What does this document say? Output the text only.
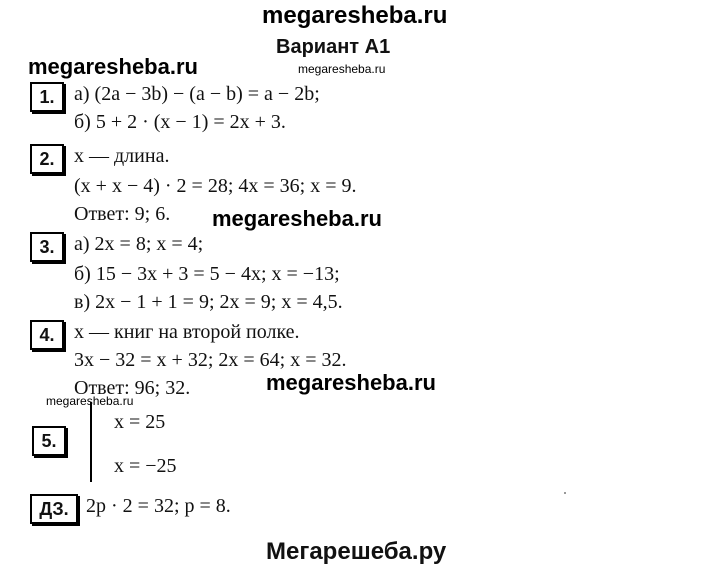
megaresheba.ru
Вариант А1
megaresheba.ru	megaresheba.ru
1. а) (2a − 3b) − (a − b) = a − 2b;
б) 5 + 2 · (x − 1) = 2x + 3.
2. x — длина.
(x + x − 4) · 2 = 28; 4x = 36; x = 9.
Ответ: 9; 6. megaresheba.ru
3. а) 2x = 8; x = 4;
б) 15 − 3x + 3 = 5 − 4x; x = −13;
в) 2x − 1 + 1 = 9; 2x = 9; x = 4,5.
4. x — книг на второй полке.
3x − 32 = x + 32; 2x = 64; x = 32.
Ответ: 96; 32.	megaresheba.ru
megaresheba.ru
5.
x = 25
x = −25
ДЗ. 2p · 2 = 32; p = 8.
Мегарешеба.ру
